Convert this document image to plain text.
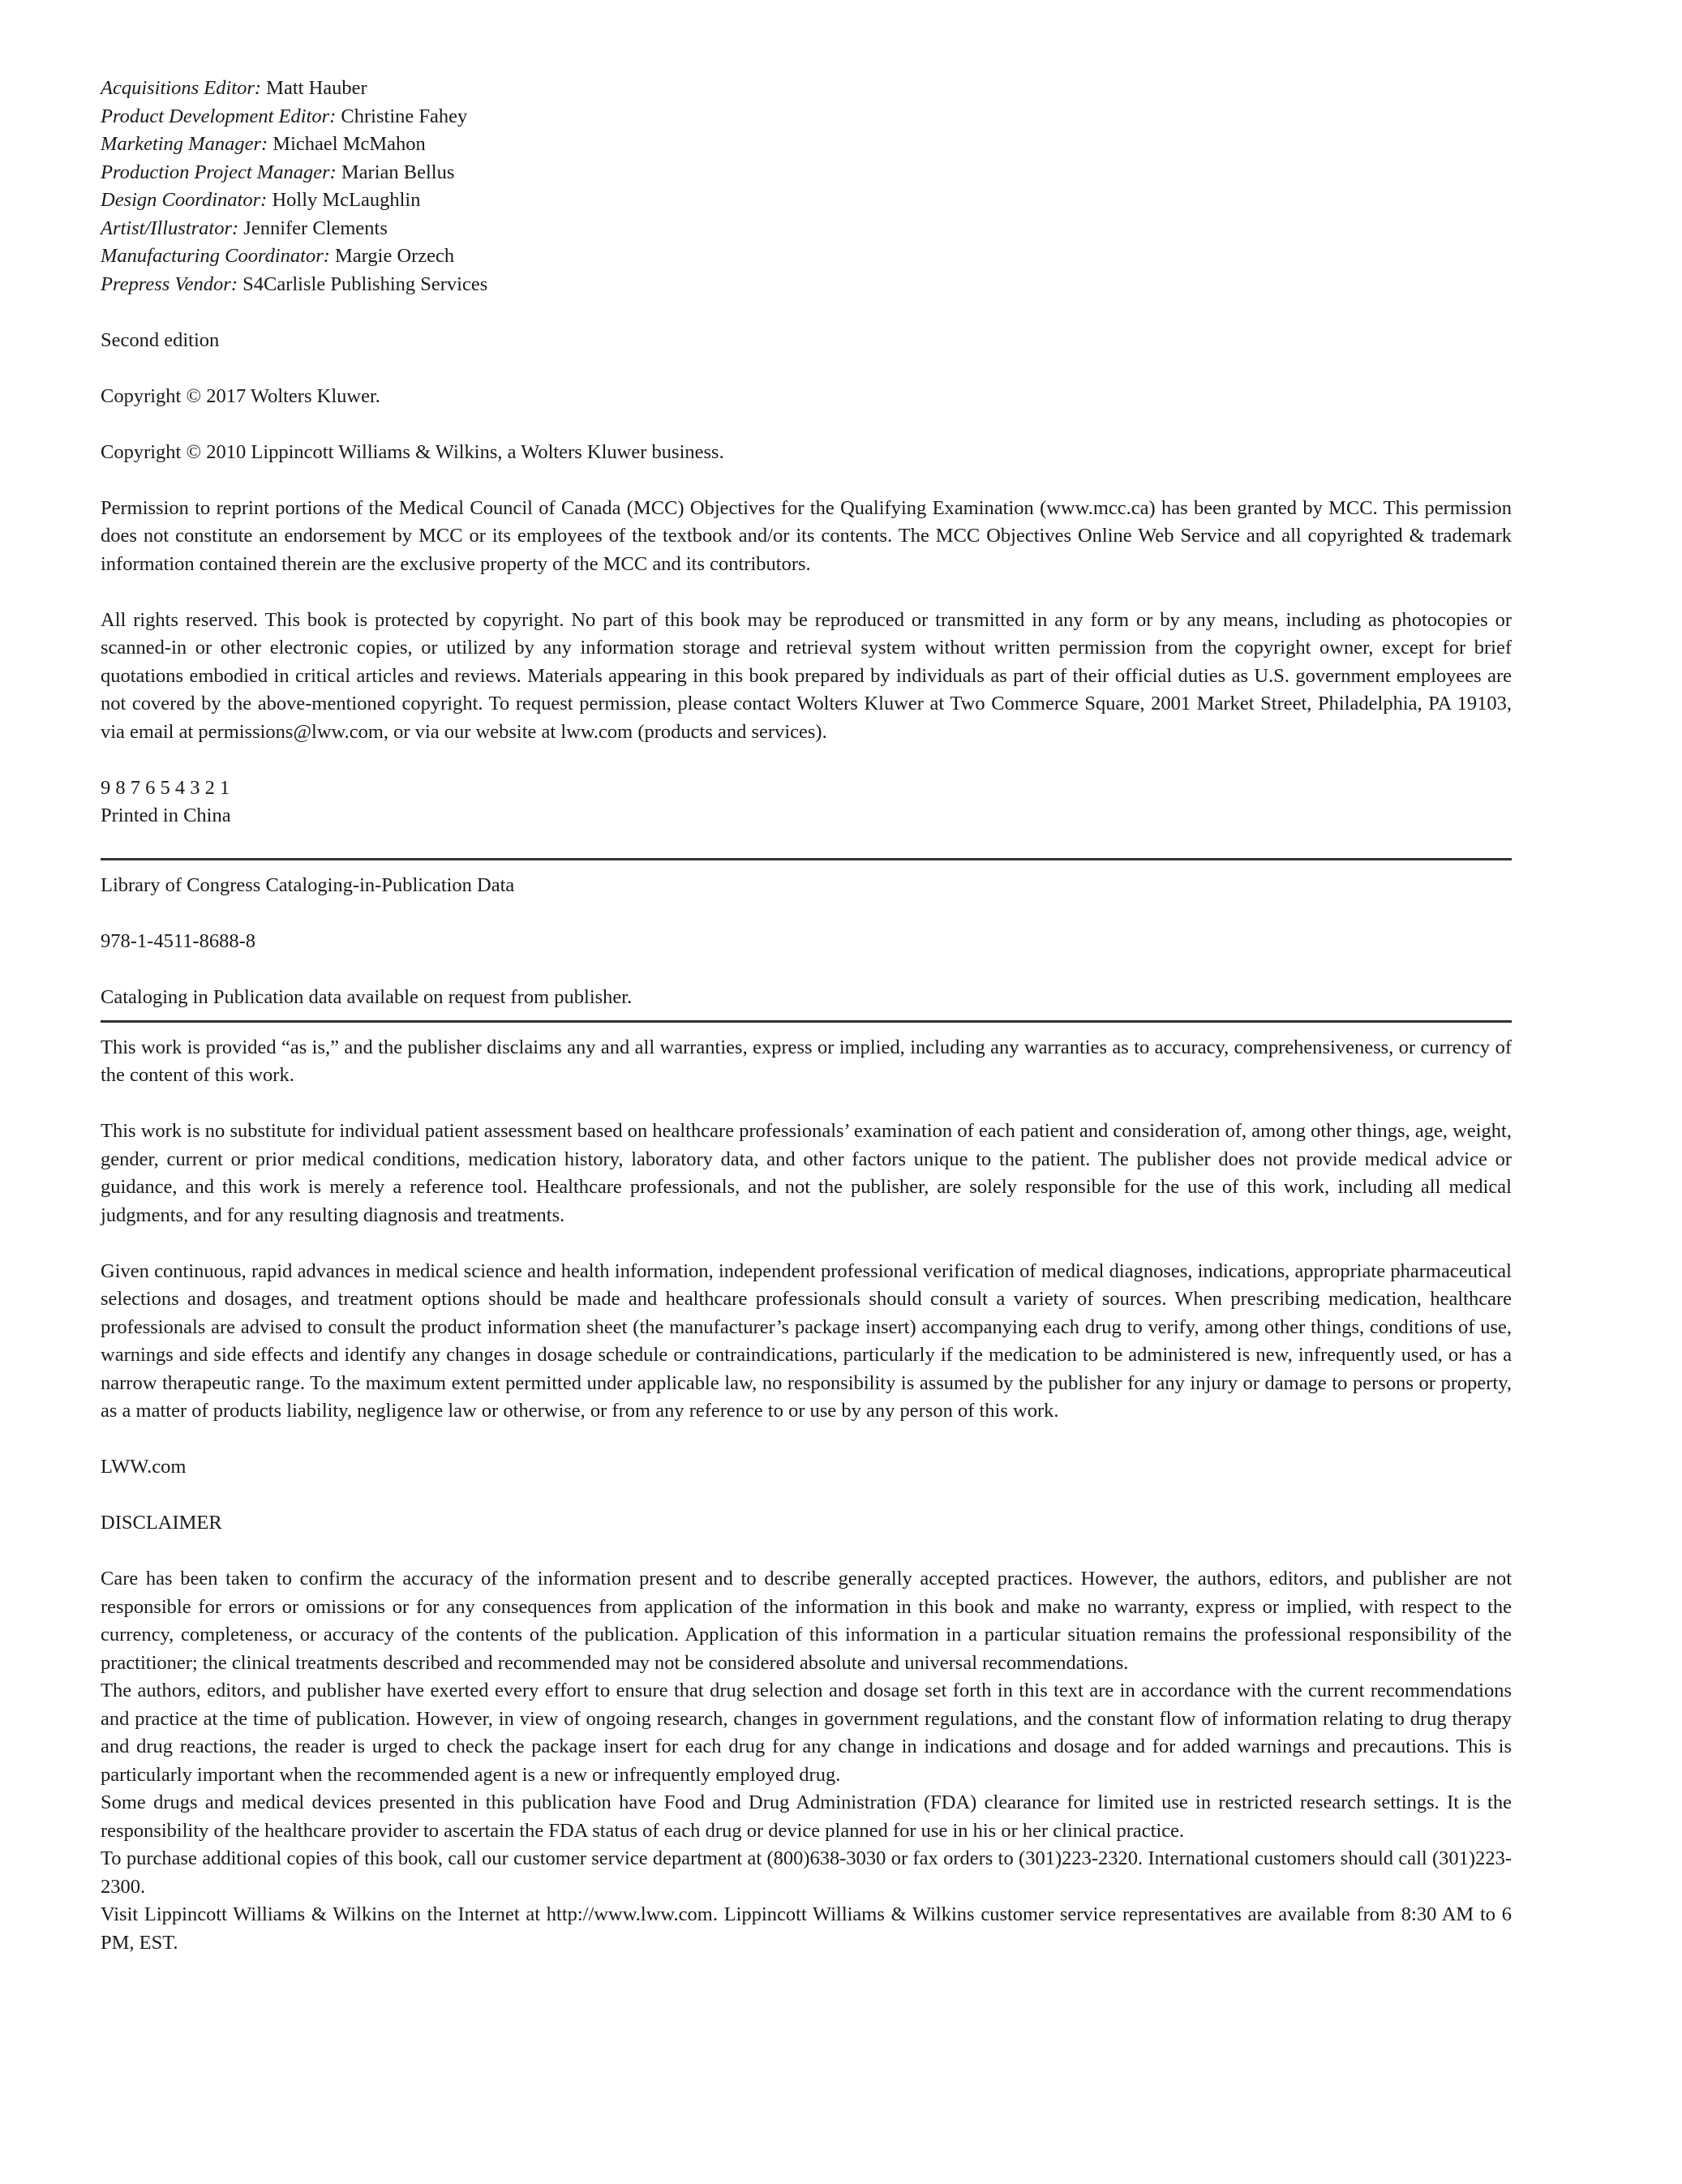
Acquisitions Editor: Matt Hauber
Product Development Editor: Christine Fahey
Marketing Manager: Michael McMahon
Production Project Manager: Marian Bellus
Design Coordinator: Holly McLaughlin
Artist/Illustrator: Jennifer Clements
Manufacturing Coordinator: Margie Orzech
Prepress Vendor: S4Carlisle Publishing Services

Second edition

Copyright © 2017 Wolters Kluwer.

Copyright © 2010 Lippincott Williams & Wilkins, a Wolters Kluwer business.

Permission to reprint portions of the Medical Council of Canada (MCC) Objectives for the Qualifying Examination (www.mcc.ca) has been granted by MCC. This permission does not constitute an endorsement by MCC or its employees of the textbook and/or its contents. The MCC Objectives Online Web Service and all copyrighted & trademark information contained therein are the exclusive property of the MCC and its contributors.

All rights reserved. This book is protected by copyright. No part of this book may be reproduced or transmitted in any form or by any means, including as photocopies or scanned-in or other electronic copies, or utilized by any information storage and retrieval system without written permission from the copyright owner, except for brief quotations embodied in critical articles and reviews. Materials appearing in this book prepared by individuals as part of their official duties as U.S. government employees are not covered by the above-mentioned copyright. To request permission, please contact Wolters Kluwer at Two Commerce Square, 2001 Market Street, Philadelphia, PA 19103, via email at permissions@lww.com, or via our website at lww.com (products and services).

9 8 7 6 5 4 3 2 1

Printed in China

Library of Congress Cataloging-in-Publication Data

978-1-4511-8688-8

Cataloging in Publication data available on request from publisher.

This work is provided “as is,” and the publisher disclaims any and all warranties, express or implied, including any warranties as to accuracy, comprehensiveness, or currency of the content of this work.

This work is no substitute for individual patient assessment based on healthcare professionals’ examination of each patient and consideration of, among other things, age, weight, gender, current or prior medical conditions, medication history, laboratory data, and other factors unique to the patient. The publisher does not provide medical advice or guidance, and this work is merely a reference tool. Healthcare professionals, and not the publisher, are solely responsible for the use of this work, including all medical judgments, and for any resulting diagnosis and treatments.

Given continuous, rapid advances in medical science and health information, independent professional verification of medical diagnoses, indications, appropriate pharmaceutical selections and dosages, and treatment options should be made and healthcare professionals should consult a variety of sources. When prescribing medication, healthcare professionals are advised to consult the product information sheet (the manufacturer’s package insert) accompanying each drug to verify, among other things, conditions of use, warnings and side effects and identify any changes in dosage schedule or contraindications, particularly if the medication to be administered is new, infrequently used, or has a narrow therapeutic range. To the maximum extent permitted under applicable law, no responsibility is assumed by the publisher for any injury or damage to persons or property, as a matter of products liability, negligence law or otherwise, or from any reference to or use by any person of this work.

LWW.com

DISCLAIMER

Care has been taken to confirm the accuracy of the information present and to describe generally accepted practices. However, the authors, editors, and publisher are not responsible for errors or omissions or for any consequences from application of the information in this book and make no warranty, express or implied, with respect to the currency, completeness, or accuracy of the contents of the publication. Application of this information in a particular situation remains the professional responsibility of the practitioner; the clinical treatments described and recommended may not be considered absolute and universal recommendations.

The authors, editors, and publisher have exerted every effort to ensure that drug selection and dosage set forth in this text are in accordance with the current recommendations and practice at the time of publication. However, in view of ongoing research, changes in government regulations, and the constant flow of information relating to drug therapy and drug reactions, the reader is urged to check the package insert for each drug for any change in indications and dosage and for added warnings and precautions. This is particularly important when the recommended agent is a new or infrequently employed drug.

Some drugs and medical devices presented in this publication have Food and Drug Administration (FDA) clearance for limited use in restricted research settings. It is the responsibility of the healthcare provider to ascertain the FDA status of each drug or device planned for use in his or her clinical practice.

To purchase additional copies of this book, call our customer service department at (800)638-3030 or fax orders to (301)223-2320. International customers should call (301)223-2300.

Visit Lippincott Williams & Wilkins on the Internet at http://www.lww.com. Lippincott Williams & Wilkins customer service representatives are available from 8:30 AM to 6 PM, EST.
